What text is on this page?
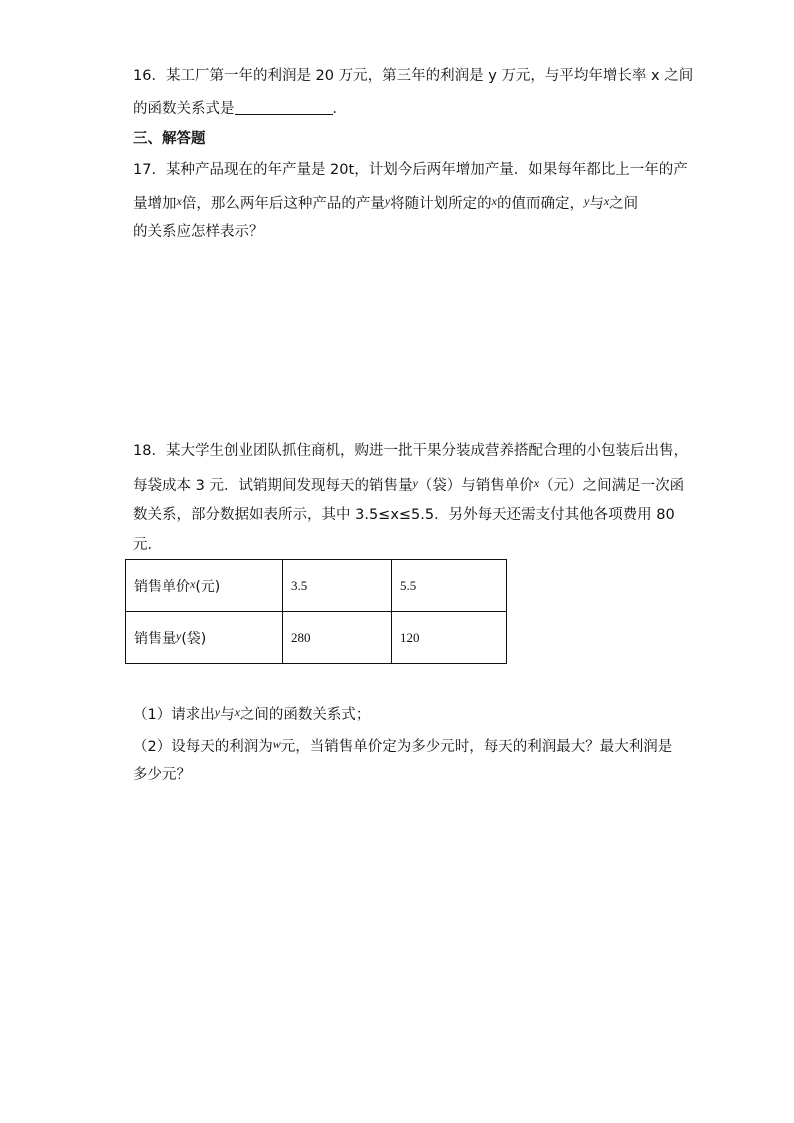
16．某工厂第一年的利润是 20 万元，第三年的利润是 y 万元，与平均年增长率 x 之间
的函数关系式是	．
三、解答题
17．某种产品现在的年产量是 20t，计划今后两年增加产量．如果每年都比上一年的产
量增加$^x$倍，那么两年后这种产品的产量$^y$将随计划所定的$^x$的值而确定，$^y$与$^x$之间
的关系应怎样表示？
18．某大学生创业团队抓住商机，购进一批干果分装成营养搭配合理的小包装后出售，
每袋成本 3 元．试销期间发现每天的销售量$^y$（袋）与销售单价$^x$（元）之间满足一次函
数关系，部分数据如表所示，其中 3.5≤x≤5.5．另外每天还需支付其他各项费用 80
元．
销售单价x(元)	3.5	5.5
销售量y(袋)	280	120
（1）请求出$^y$与$^x$之间的函数关系式；
（2）设每天的利润为$^w$元，当销售单价定为多少元时，每天的利润最大？最大利润是
多少元？
